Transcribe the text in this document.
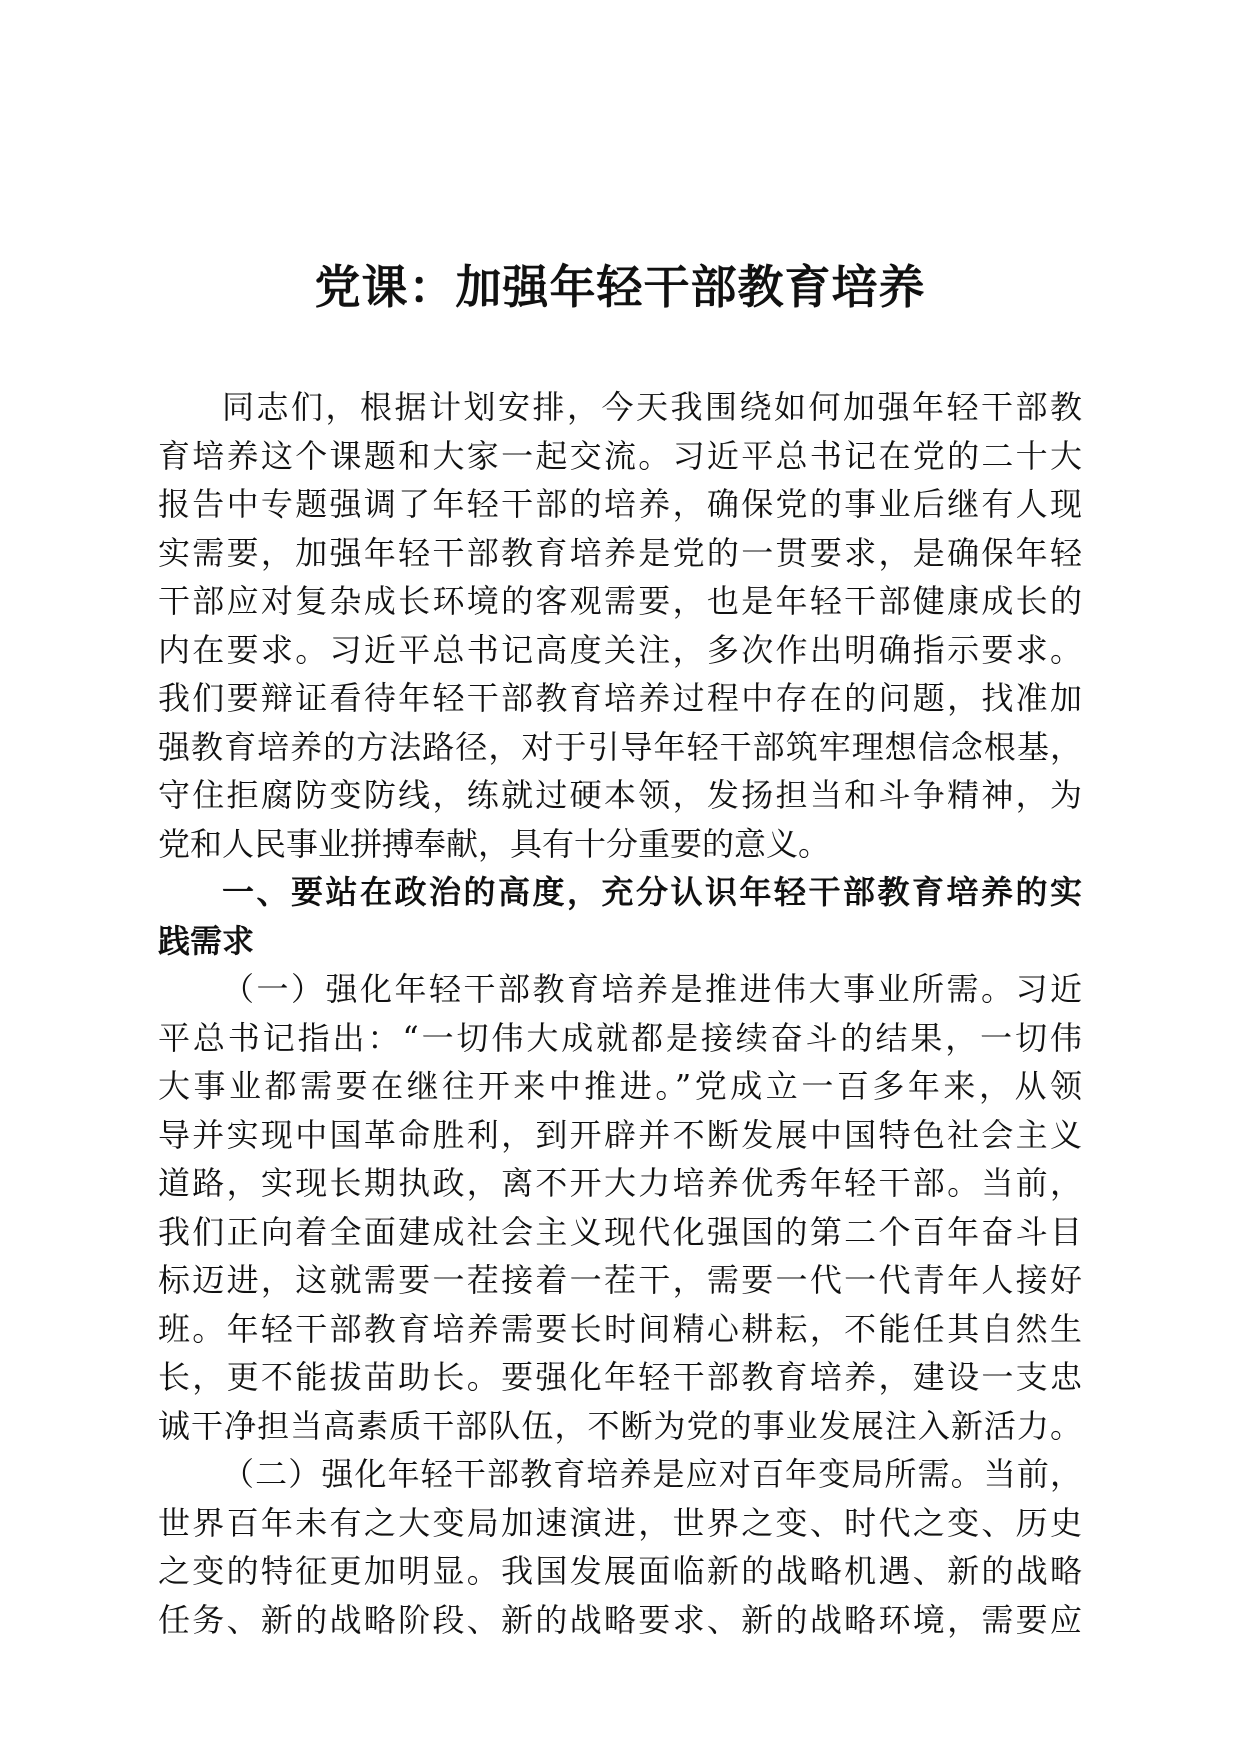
党课：加强年轻干部教育培养
同志们，根据计划安排，今天我围绕如何加强年轻干部教
育培养这个课题和大家一起交流。习近平总书记在党的二十大
报告中专题强调了年轻干部的培养，确保党的事业后继有人现
实需要，加强年轻干部教育培养是党的一贯要求，是确保年轻
干部应对复杂成长环境的客观需要，也是年轻干部健康成长的
内在要求。习近平总书记高度关注，多次作出明确指示要求。
我们要辩证看待年轻干部教育培养过程中存在的问题，找准加
强教育培养的方法路径，对于引导年轻干部筑牢理想信念根基，
守住拒腐防变防线，练就过硬本领，发扬担当和斗争精神，为
党和人民事业拼搏奉献，具有十分重要的意义。
一、要站在政治的高度，充分认识年轻干部教育培养的实
践需求
（一）强化年轻干部教育培养是推进伟大事业所需。习近
平总书记指出：“一切伟大成就都是接续奋斗的结果，一切伟
大事业都需要在继往开来中推进。”党成立一百多年来，从领
导并实现中国革命胜利，到开辟并不断发展中国特色社会主义
道路，实现长期执政，离不开大力培养优秀年轻干部。当前，
我们正向着全面建成社会主义现代化强国的第二个百年奋斗目
标迈进，这就需要一茬接着一茬干，需要一代一代青年人接好
班。年轻干部教育培养需要长时间精心耕耘，不能任其自然生
长，更不能拔苗助长。要强化年轻干部教育培养，建设一支忠
诚干净担当高素质干部队伍，不断为党的事业发展注入新活力。
（二）强化年轻干部教育培养是应对百年变局所需。当前，
世界百年未有之大变局加速演进，世界之变、时代之变、历史
之变的特征更加明显。我国发展面临新的战略机遇、新的战略
任务、新的战略阶段、新的战略要求、新的战略环境，需要应
